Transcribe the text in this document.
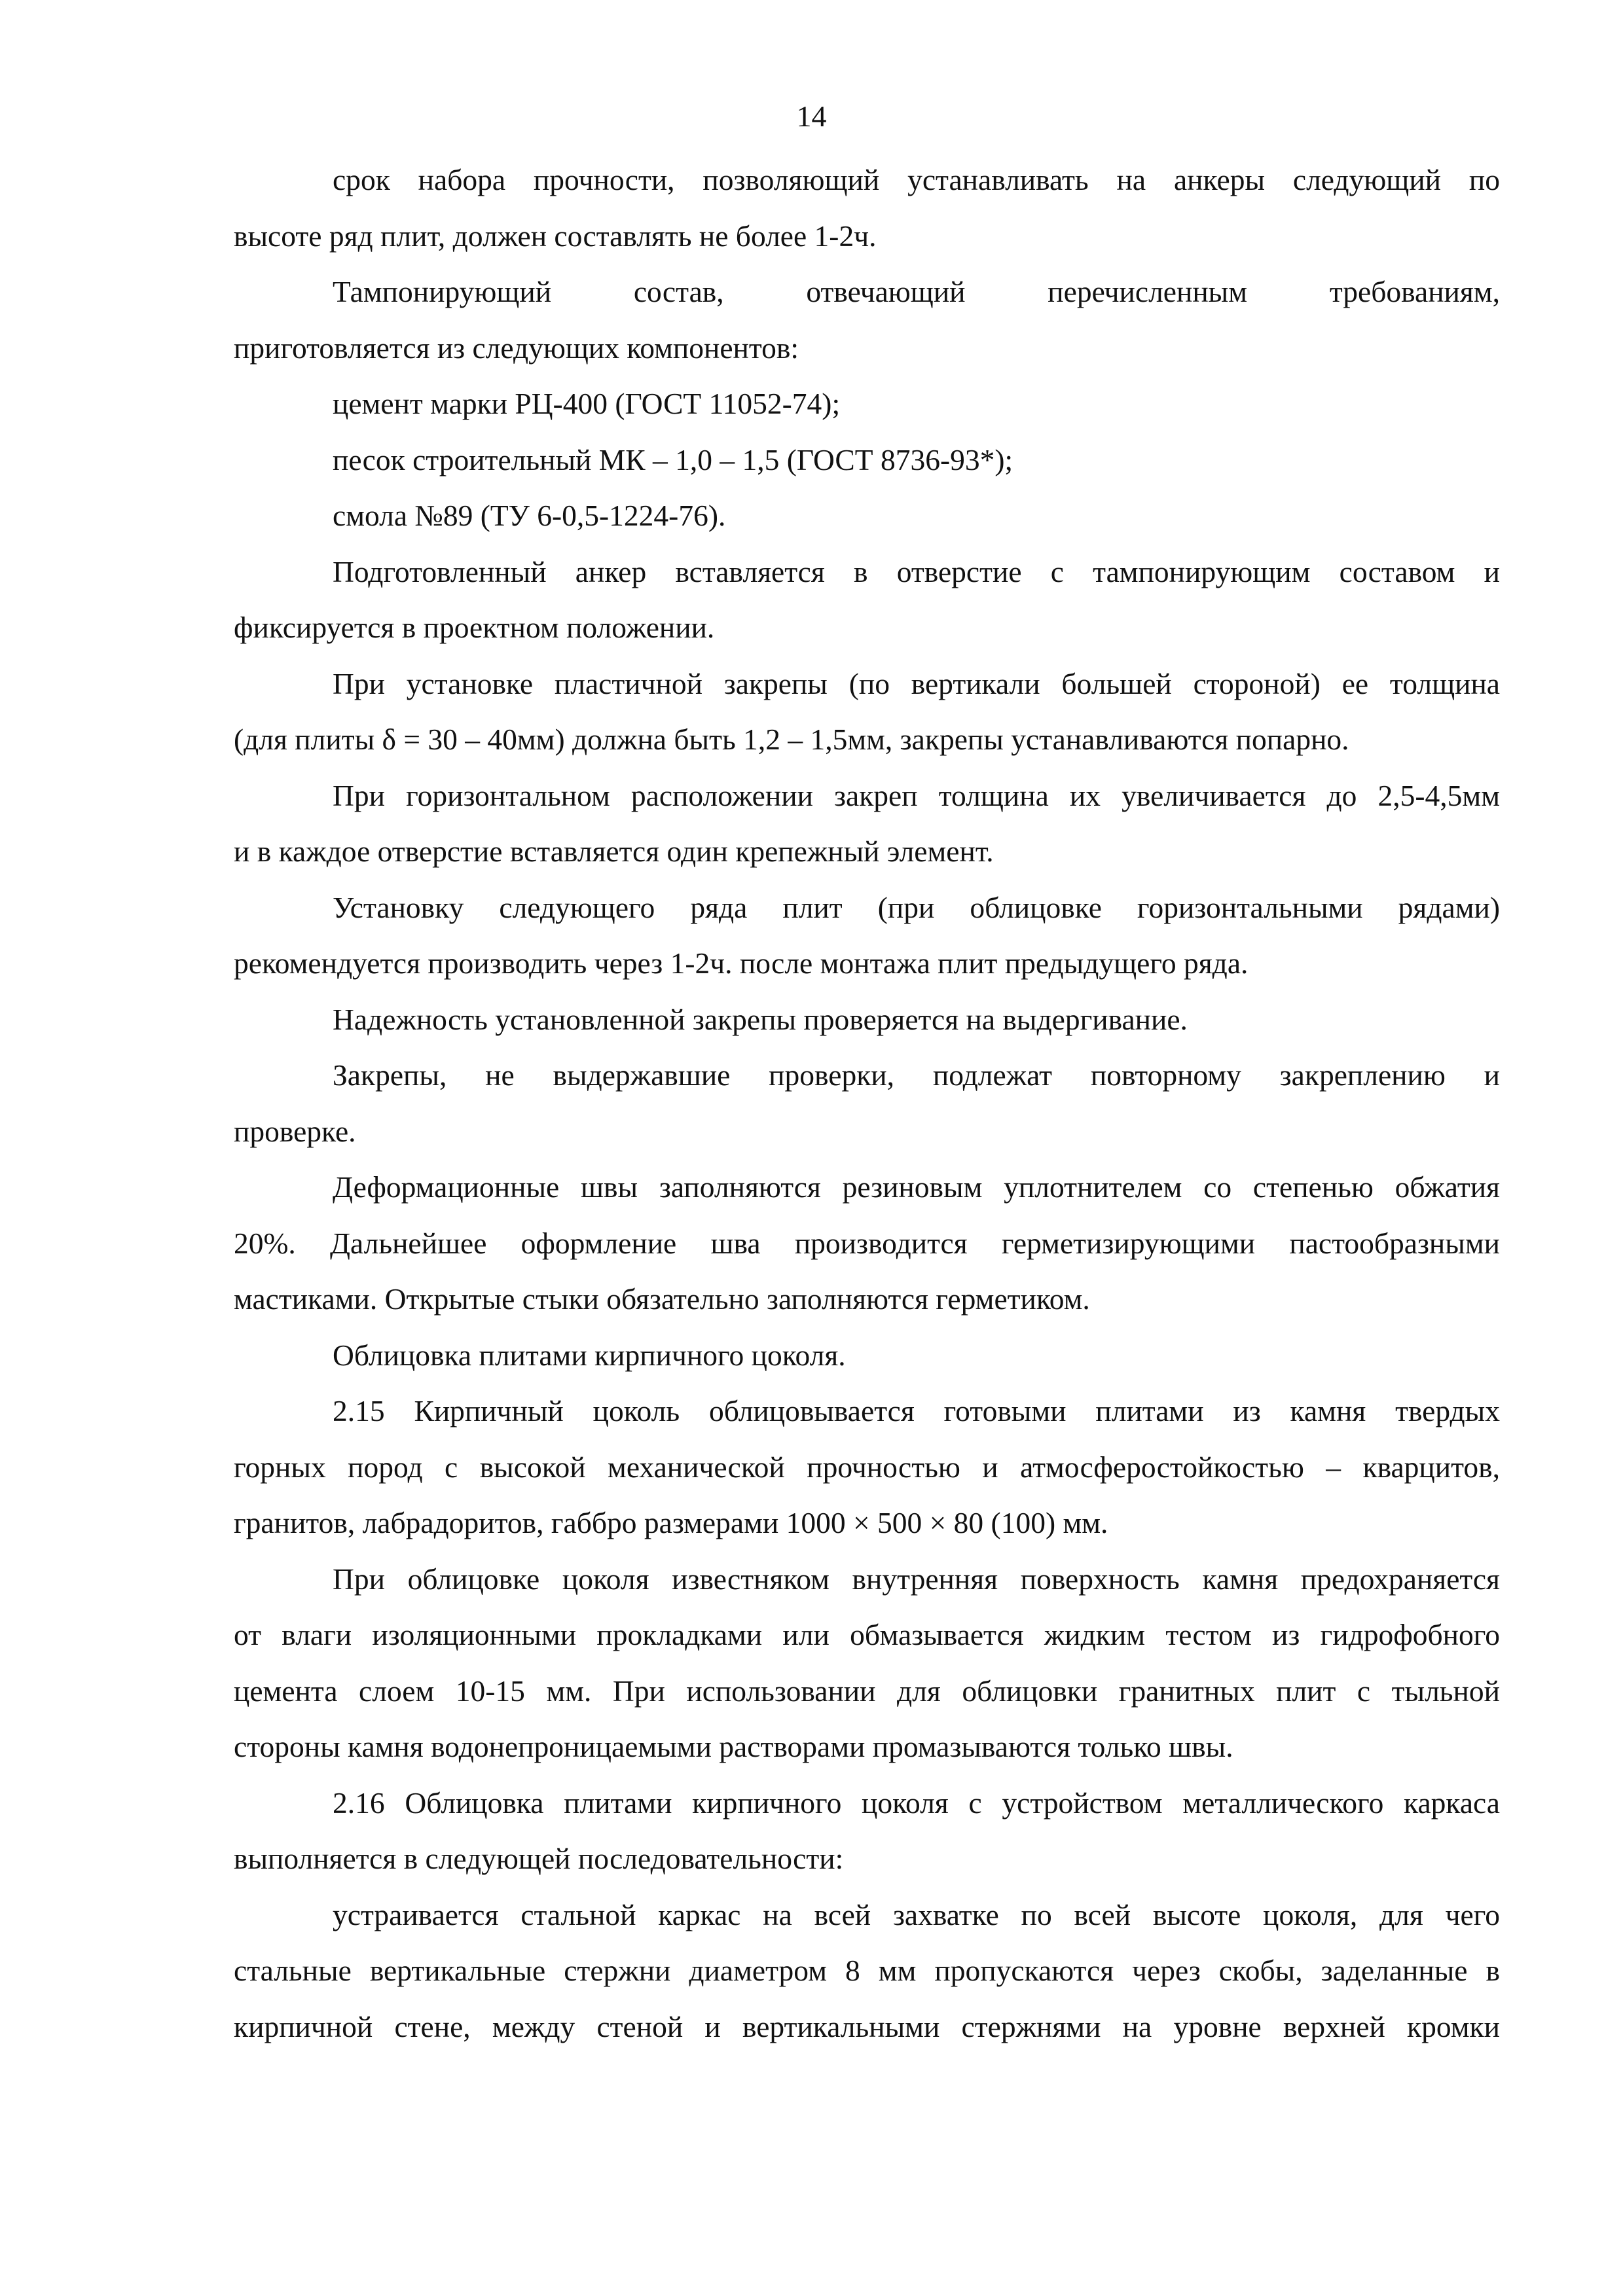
14
срок набора прочности, позволяющий устанавливать на анкеры следующий по
высоте ряд плит, должен составлять не более 1-2ч.
Тампонирующий состав, отвечающий перечисленным требованиям,
приготовляется из следующих компонентов:
цемент марки РЦ-400 (ГОСТ 11052-74);
песок строительный МК – 1,0 – 1,5 (ГОСТ 8736-93*);
смола №89 (ТУ 6-0,5-1224-76).
Подготовленный анкер вставляется в отверстие с тампонирующим составом и
фиксируется в проектном положении.
При установке пластичной закрепы (по вертикали большей стороной) ее толщина
(для плиты δ = 30 – 40мм) должна быть 1,2 – 1,5мм, закрепы устанавливаются попарно.
При горизонтальном расположении закреп толщина их увеличивается до 2,5-4,5мм
и в каждое отверстие вставляется один крепежный элемент.
Установку следующего ряда плит (при облицовке горизонтальными рядами)
рекомендуется производить через 1-2ч. после монтажа плит предыдущего ряда.
Надежность установленной закрепы проверяется на выдергивание.
Закрепы, не выдержавшие проверки, подлежат повторному закреплению и
проверке.
Деформационные швы заполняются резиновым уплотнителем со степенью обжатия
20%. Дальнейшее оформление шва производится герметизирующими пастообразными
мастиками. Открытые стыки обязательно заполняются герметиком.
Облицовка плитами кирпичного цоколя.
2.15 Кирпичный цоколь облицовывается готовыми плитами из камня твердых
горных пород с высокой механической прочностью и атмосферостойкостью – кварцитов,
гранитов, лабрадоритов, габбро размерами 1000 × 500 × 80 (100) мм.
При облицовке цоколя известняком внутренняя поверхность камня предохраняется
от влаги изоляционными прокладками или обмазывается жидким тестом из гидрофобного
цемента слоем 10-15 мм. При использовании для облицовки гранитных плит с тыльной
стороны камня водонепроницаемыми растворами промазываются только швы.
2.16 Облицовка плитами кирпичного цоколя с устройством металлического каркаса
выполняется в следующей последовательности:
устраивается стальной каркас на всей захватке по всей высоте цоколя, для чего
стальные вертикальные стержни диаметром 8 мм пропускаются через скобы, заделанные в
кирпичной стене, между стеной и вертикальными стержнями на уровне верхней кромки
